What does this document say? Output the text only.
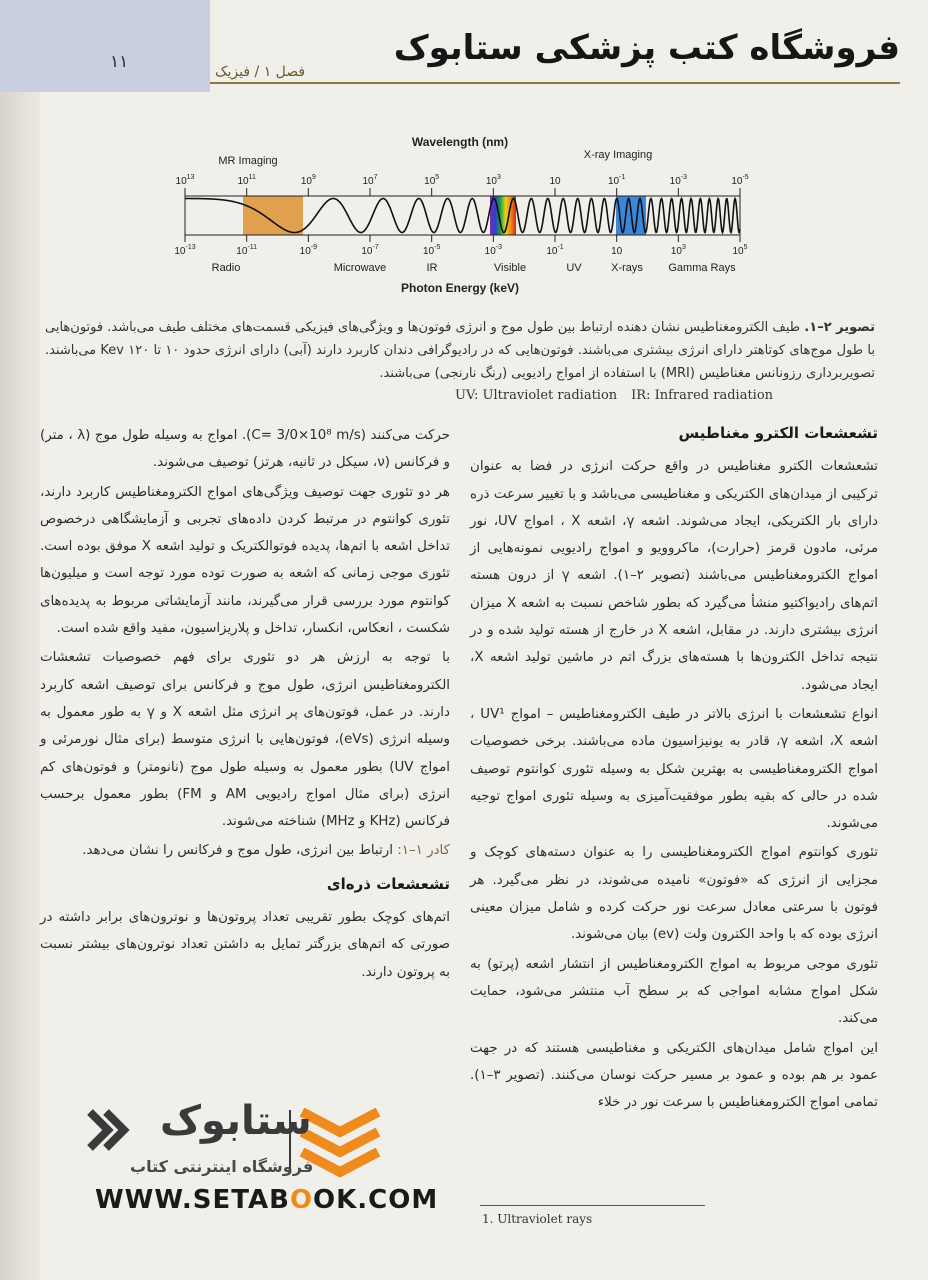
۱۱	فصل ۱ / فیزیک
فروشگاه کتب پزشکی ستابوک
Wavelength (nm)
MR Imaging	X-ray Imaging
$10^{13}$	$10^{11}$	$10^9$	$10^7$	$10^5$	$10^3$	10	$10^{-1}$	$10^{-3}$	$10^{-5}$
$10^{-13}$	$10^{-11}$	$10^{-9}$	$10^{-7}$	$10^{-5}$	$10^{-3}$	$10^{-1}$	10	$10^3$	$10^5$
Radio	Microwave	IR	Visible	UV	X-rays Gamma Rays
Photon Energy (keV)
تصویر ۲–۱. طیف الکترومغناطیس نشان دهنده ارتباط بین طول موج و انرژی فوتون‌ها و ویژگی‌های فیزیکی قسمت‌های مختلف طیف می‌باشد. فوتون‌هایی با طول موج‌های کوتاهتر دارای انرژی بیشتری می‌باشند. فوتون‌هایی که در رادیوگرافی دندان کاربرد دارند (آبی) دارای انرژی حدود ۱۰ تا ۱۲۰ Kev می‌باشند. تصویربرداری رزونانس مغناطیس (MRI) با استفاده از امواج رادیویی (رنگ نارنجی) می‌باشند.
UV: Ultraviolet radiation IR: Infrared radiation

تشعشعات الکترو مغناطیس

تشعشعات الکترو مغناطیس در واقع حرکت انرژی در فضا به عنوان ترکیبی از میدان‌های الکتریکی و مغناطیسی می‌باشد و با تغییر سرعت ذره دارای بار الکتریکی، ایجاد می‌شوند. اشعه γ، اشعه X ، امواج UV، نور مرئی، مادون قرمز (حرارت)، ماکروویو و امواج رادیویی نمونه‌هایی از امواج الکترومغناطیس می‌باشند (تصویر ۲–۱). اشعه γ از درون هسته اتم‌های رادیواکتیو منشأ می‌گیرد که بطور شاخص نسبت به اشعه X میزان انرژی بیشتری دارند. در مقابل، اشعه X در خارج از هسته تولید شده و در نتیجه تداخل الکترون‌ها با هسته‌های بزرگ اتم در ماشین تولید اشعه X، ایجاد می‌شود.

انواع تشعشعات با انرژی بالاتر در طیف الکترومغناطیس – امواج UV¹ ، اشعه X، اشعه γ، قادر به یونیزاسیون ماده می‌باشند. برخی خصوصیات امواج الکترومغناطیسی به بهترین شکل به وسیله تئوری کوانتوم توصیف شده در حالی که بقیه بطور موفقیت‌آمیزی به وسیله تئوری امواج توجیه می‌شوند.

تئوری کوانتوم امواج الکترومغناطیسی را به عنوان دسته‌های کوچک و مجزایی از انرژی که «فوتون» نامیده می‌شوند، در نظر می‌گیرد. هر فوتون با سرعتی معادل سرعت نور حرکت کرده و شامل میزان معینی انرژی بوده که با واحد الکترون ولت (ev) بیان می‌شوند.

تئوری موجی مربوط به امواج الکترومغناطیس از انتشار اشعه (پرتو) به شکل امواج مشابه امواجی که بر سطح آب منتشر می‌شود، حمایت می‌کند.

این امواج شامل میدان‌های الکتریکی و مغناطیسی هستند که در جهت عمود بر هم بوده و عمود بر مسیر حرکت نوسان می‌کنند. (تصویر ۳–۱). تمامی امواج الکترومغناطیس با سرعت نور در خلاء

حرکت می‌کنند (C= 3/0×10⁸ m/s). امواج به وسیله طول موج (λ ، متر) و فرکانس (ν، سیکل در ثانیه، هرتز) توصیف می‌شوند.

هر دو تئوری جهت توصیف ویژگی‌های امواج الکترومغناطیس کاربرد دارند، تئوری کوانتوم در مرتبط کردن داده‌های تجربی و آزمایشگاهی درخصوص تداخل اشعه با اتم‌ها، پدیده فوتوالکتریک و تولید اشعه X موفق بوده است. تئوری موجی زمانی که اشعه به صورت توده مورد توجه است و میلیون‌ها کوانتوم مورد بررسی قرار می‌گیرند، مانند آزمایشاتی مربوط به پدیده‌های شکست ، انعکاس، انکسار، تداخل و پلاریزاسیون، مفید واقع شده است.

با توجه به ارزش هر دو تئوری برای فهم خصوصیات تشعشات الکترومغناطیس انرژی، طول موج و فرکانس برای توصیف اشعه کاربرد دارند. در عمل، فوتون‌های پر انرژی مثل اشعه X و γ به طور معمول به وسیله انرژی (eVs)، فوتون‌هایی با انرژی متوسط (برای مثال نورمرئی و امواج UV) بطور معمول به وسیله طول موج (نانومتر) و فوتون‌های کم انرژی (برای مثال امواج رادیویی AM و FM) بطور معمول برحسب فرکانس (KHz و MHz) شناخته می‌شوند.

کادر ۱–۱: ارتباط بین انرژی، طول موج و فرکانس را نشان می‌دهد.

تشعشعات ذره‌ای

اتم‌های کوچک بطور تقریبی تعداد پروتون‌ها و نوترون‌های برابر داشته در صورتی که اتم‌های بزرگتر تمایل به داشتن تعداد نوترون‌های بیشتر نسبت به پروتون دارند.

1. Ultraviolet rays
ستابوک
فروشگاه اینترنتی کتاب
WWW.SETABOOK.COM
